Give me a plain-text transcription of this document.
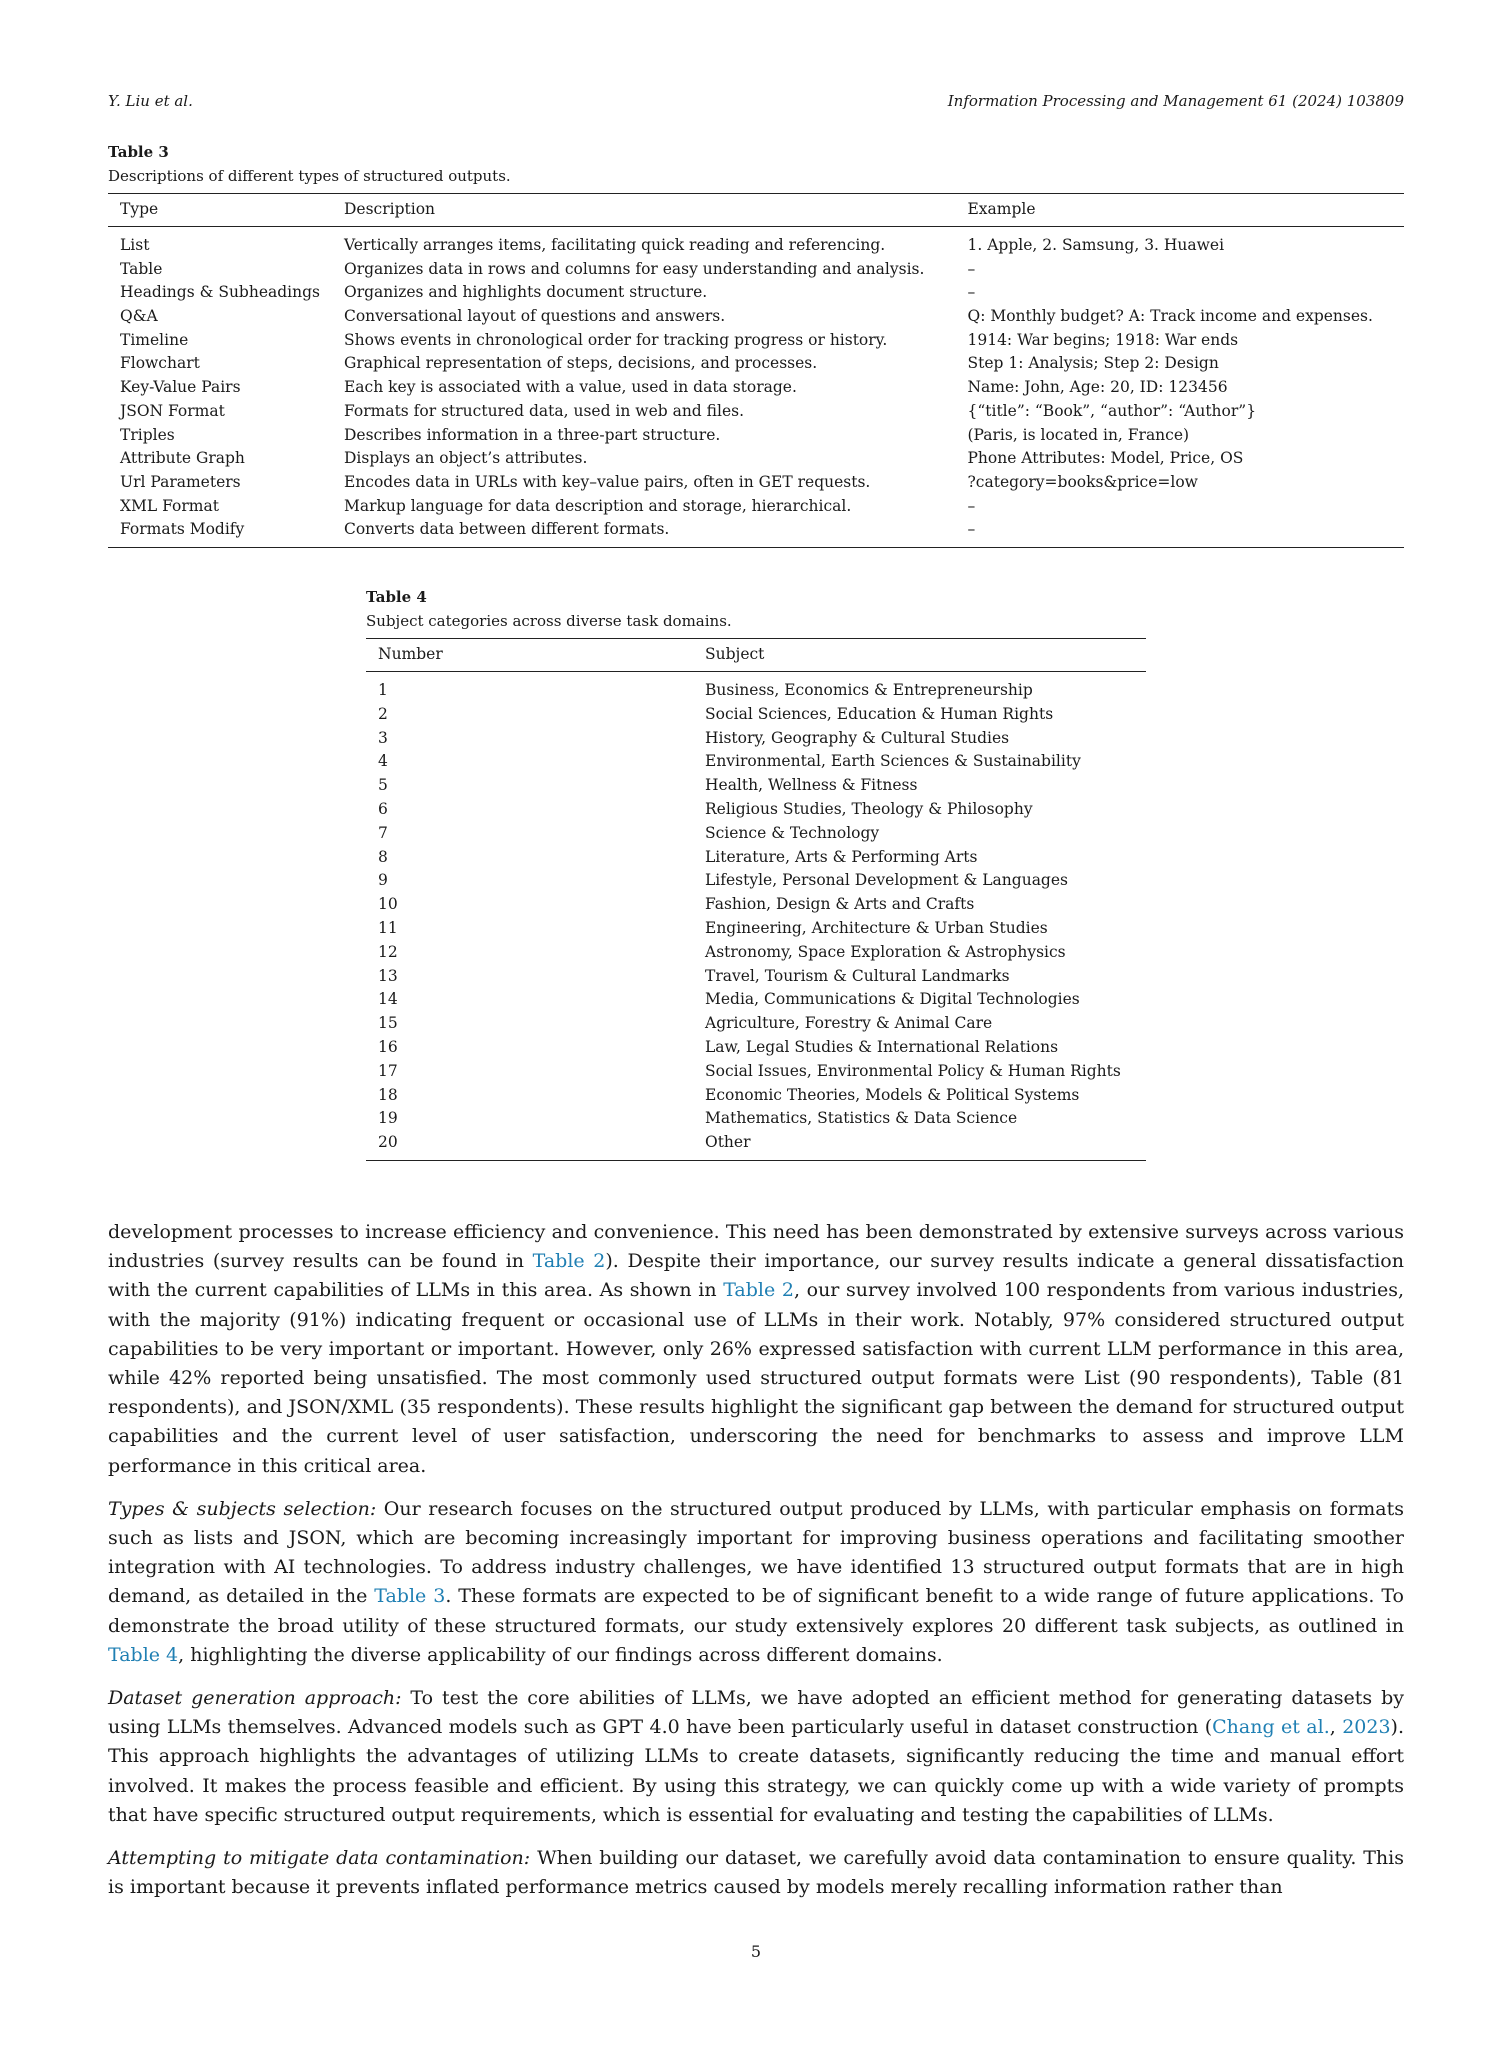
Y. Liu et al.	Information Processing and Management 61 (2024) 103809
Table 3
Descriptions of different types of structured outputs.
Type	Description	Example
List	Vertically arranges items, facilitating quick reading and referencing.	1. Apple, 2. Samsung, 3. Huawei
Table	Organizes data in rows and columns for easy understanding and analysis.	–
Headings & Subheadings	Organizes and highlights document structure.	–
Q&A	Conversational layout of questions and answers.	Q: Monthly budget? A: Track income and expenses.
Timeline	Shows events in chronological order for tracking progress or history.	1914: War begins; 1918: War ends
Flowchart	Graphical representation of steps, decisions, and processes.	Step 1: Analysis; Step 2: Design
Key-Value Pairs	Each key is associated with a value, used in data storage.	Name: John, Age: 20, ID: 123456
JSON Format	Formats for structured data, used in web and files.	{“title”: “Book”, “author”: “Author”}
Triples	Describes information in a three-part structure.	(Paris, is located in, France)
Attribute Graph	Displays an object’s attributes.	Phone Attributes: Model, Price, OS
Url Parameters	Encodes data in URLs with key–value pairs, often in GET requests.	?category=books&price=low
XML Format	Markup language for data description and storage, hierarchical.	–
Formats Modify	Converts data between different formats.	–
Table 4
Subject categories across diverse task domains.
Number	Subject
1	Business, Economics & Entrepreneurship
2	Social Sciences, Education & Human Rights
3	History, Geography & Cultural Studies
4	Environmental, Earth Sciences & Sustainability
5	Health, Wellness & Fitness
6	Religious Studies, Theology & Philosophy
7	Science & Technology
8	Literature, Arts & Performing Arts
9	Lifestyle, Personal Development & Languages
10	Fashion, Design & Arts and Crafts
11	Engineering, Architecture & Urban Studies
12	Astronomy, Space Exploration & Astrophysics
13	Travel, Tourism & Cultural Landmarks
14	Media, Communications & Digital Technologies
15	Agriculture, Forestry & Animal Care
16	Law, Legal Studies & International Relations
17	Social Issues, Environmental Policy & Human Rights
18	Economic Theories, Models & Political Systems
19	Mathematics, Statistics & Data Science
20	Other

development processes to increase efficiency and convenience. This need has been demonstrated by extensive surveys across various industries (survey results can be found in Table 2). Despite their importance, our survey results indicate a general dissatisfaction with the current capabilities of LLMs in this area. As shown in Table 2, our survey involved 100 respondents from various industries, with the majority (91%) indicating frequent or occasional use of LLMs in their work. Notably, 97% considered structured output capabilities to be very important or important. However, only 26% expressed satisfaction with current LLM performance in this area, while 42% reported being unsatisfied. The most commonly used structured output formats were List (90 respondents), Table (81 respondents), and JSON/XML (35 respondents). These results highlight the significant gap between the demand for structured output capabilities and the current level of user satisfaction, underscoring the need for benchmarks to assess and improve LLM performance in this critical area.

Types & subjects selection: Our research focuses on the structured output produced by LLMs, with particular emphasis on formats such as lists and JSON, which are becoming increasingly important for improving business operations and facilitating smoother integration with AI technologies. To address industry challenges, we have identified 13 structured output formats that are in high demand, as detailed in the Table 3. These formats are expected to be of significant benefit to a wide range of future applications. To demonstrate the broad utility of these structured formats, our study extensively explores 20 different task subjects, as outlined in Table 4, highlighting the diverse applicability of our findings across different domains.

Dataset generation approach: To test the core abilities of LLMs, we have adopted an efficient method for generating datasets by using LLMs themselves. Advanced models such as GPT 4.0 have been particularly useful in dataset construction (Chang et al., 2023). This approach highlights the advantages of utilizing LLMs to create datasets, significantly reducing the time and manual effort involved. It makes the process feasible and efficient. By using this strategy, we can quickly come up with a wide variety of prompts that have specific structured output requirements, which is essential for evaluating and testing the capabilities of LLMs.

Attempting to mitigate data contamination: When building our dataset, we carefully avoid data contamination to ensure quality. This is important because it prevents inflated performance metrics caused by models merely recalling information rather than

5
